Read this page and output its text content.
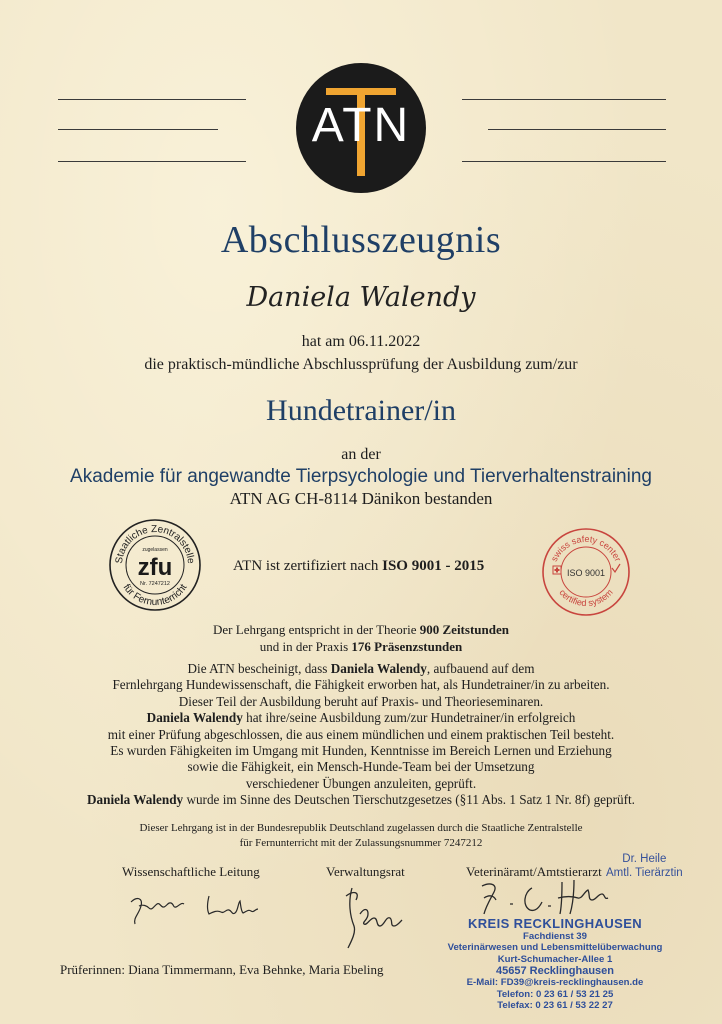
ATN
Abschlusszeugnis
Daniela Walendy
hat am 06.11.2022
die praktisch-mündliche Abschlussprüfung der Ausbildung zum/zur
Hundetrainer/in
an der
Akademie für angewandte Tierpsychologie und Tierverhaltenstraining
ATN AG CH-8114 Dänikon bestanden
Staatliche Zentralstelle
für Fernunterricht
zugelassen
zfu
Nr. 7247212
ATN ist zertifiziert nach ISO 9001 - 2015	swiss safety center
certified system
ISO 9001
Der Lehrgang entspricht in der Theorie 900 Zeitstunden
und in der Praxis 176 Präsenzstunden
Die ATN bescheinigt, dass Daniela Walendy, aufbauend auf dem
Fernlehrgang Hundewissenschaft, die Fähigkeit erworben hat, als Hundetrainer/in zu arbeiten.
Dieser Teil der Ausbildung beruht auf Praxis- und Theorieseminaren.
Daniela Walendy hat ihre/seine Ausbildung zum/zur Hundetrainer/in erfolgreich
mit einer Prüfung abgeschlossen, die aus einem mündlichen und einem praktischen Teil besteht.
Es wurden Fähigkeiten im Umgang mit Hunden, Kenntnisse im Bereich Lernen und Erziehung
sowie die Fähigkeit, ein Mensch-Hunde-Team bei der Umsetzung
verschiedener Übungen anzuleiten, geprüft.
Daniela Walendy wurde im Sinne des Deutschen Tierschutzgesetzes (§11 Abs. 1 Satz 1 Nr. 8f) geprüft.
Dieser Lehrgang ist in der Bundesrepublik Deutschland zugelassen durch die Staatliche Zentralstelle
für Fernunterricht mit der Zulassungsnummer 7247212
Wissenschaftliche Leitung	Verwaltungsrat	Veterinäramt/Amtstierarzt
Dr. Heile
Amtl. Tierärztin
KREIS RECKLINGHAUSEN
Fachdienst 39
Veterinärwesen und Lebensmittelüberwachung
Kurt-Schumacher-Allee 1
45657 Recklinghausen
E-Mail: FD39@kreis-recklinghausen.de
Telefon: 0 23 61 / 53 21 25
Telefax: 0 23 61 / 53 22 27
Prüferinnen: Diana Timmermann, Eva Behnke, Maria Ebeling
